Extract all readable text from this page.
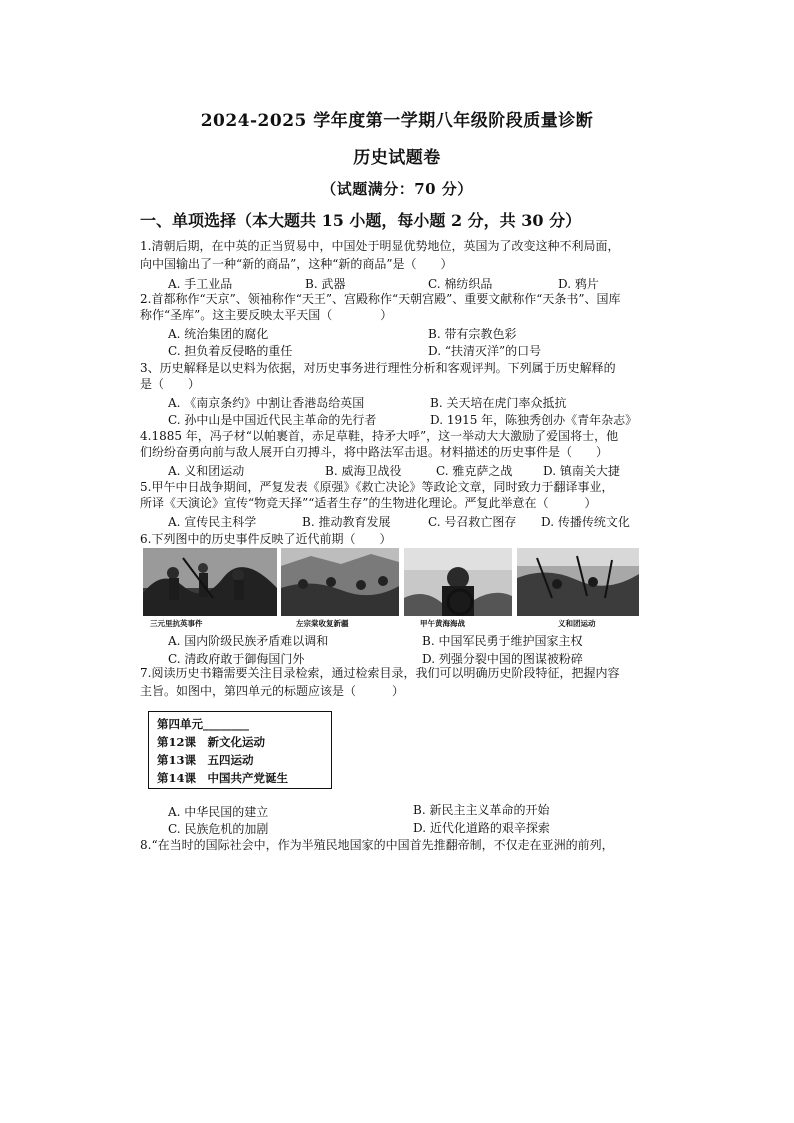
2024-2025 学年度第一学期八年级阶段质量诊断
历史试题卷
（试题满分：70 分）
一、单项选择（本大题共 15 小题，每小题 2 分，共 30 分）
1.清朝后期，在中英的正当贸易中，中国处于明显优势地位，英国为了改变这种不利局面，
向中国输出了一种“新的商品”，这种“新的商品”是（　　）
A. 手工业品	B. 武器	C. 棉纺织品	D. 鸦片
2.首都称作“天京”、领袖称作“天王”、宫殿称作“天朝宫殿”、重要文献称作“天条书”、国库
称作“圣库”。这主要反映太平天国（　　　　）
A. 统治集团的腐化	B. 带有宗教色彩
C. 担负着反侵略的重任	D. “扶清灭洋”的口号
3、历史解释是以史料为依据，对历史事务进行理性分析和客观评判。下列属于历史解释的
是（　　）
A. 《南京条约》中割让香港岛给英国	B. 关天培在虎门率众抵抗
C. 孙中山是中国近代民主革命的先行者	D. 1915 年，陈独秀创办《青年杂志》
4.1885 年，冯子材“以帕裹首，赤足草鞋，持矛大呼”，这一举动大大激励了爱国将士，他
们纷纷奋勇向前与敌人展开白刃搏斗，将中路法军击退。材料描述的历史事件是（　　）
A. 义和团运动	B. 威海卫战役	C. 雅克萨之战	D. 镇南关大捷
5.甲午中日战争期间，严复发表《原强》《救亡决论》等政论文章，同时致力于翻译事业，
所译《天演论》宣传“物竞天择”“适者生存”的生物进化理论。严复此举意在（　　　）
A. 宣传民主科学	B. 推动教育发展	C. 号召救亡图存 D. 传播传统文化
6.下列图中的历史事件反映了近代前期（　　）
三元里抗英事件	左宗棠收复新疆	甲午黄海海战	义和团运动
A. 国内阶级民族矛盾难以调和	B. 中国军民勇于维护国家主权
C. 清政府敢于御侮国门外	D. 列强分裂中国的图谋被粉碎
7.阅读历史书籍需要关注目录检索，通过检索目录，我们可以明确历史阶段特征，把握内容
主旨。如图中，第四单元的标题应该是（　　　）
第四单元________
第12课　新文化运动
第13课　五四运动
第14课　中国共产党诞生
A. 中华民国的建立	B. 新民主主义革命的开始
C. 民族危机的加剧	D. 近代化道路的艰辛探索
8.“在当时的国际社会中，作为半殖民地国家的中国首先推翻帝制，不仅走在亚洲的前列，
